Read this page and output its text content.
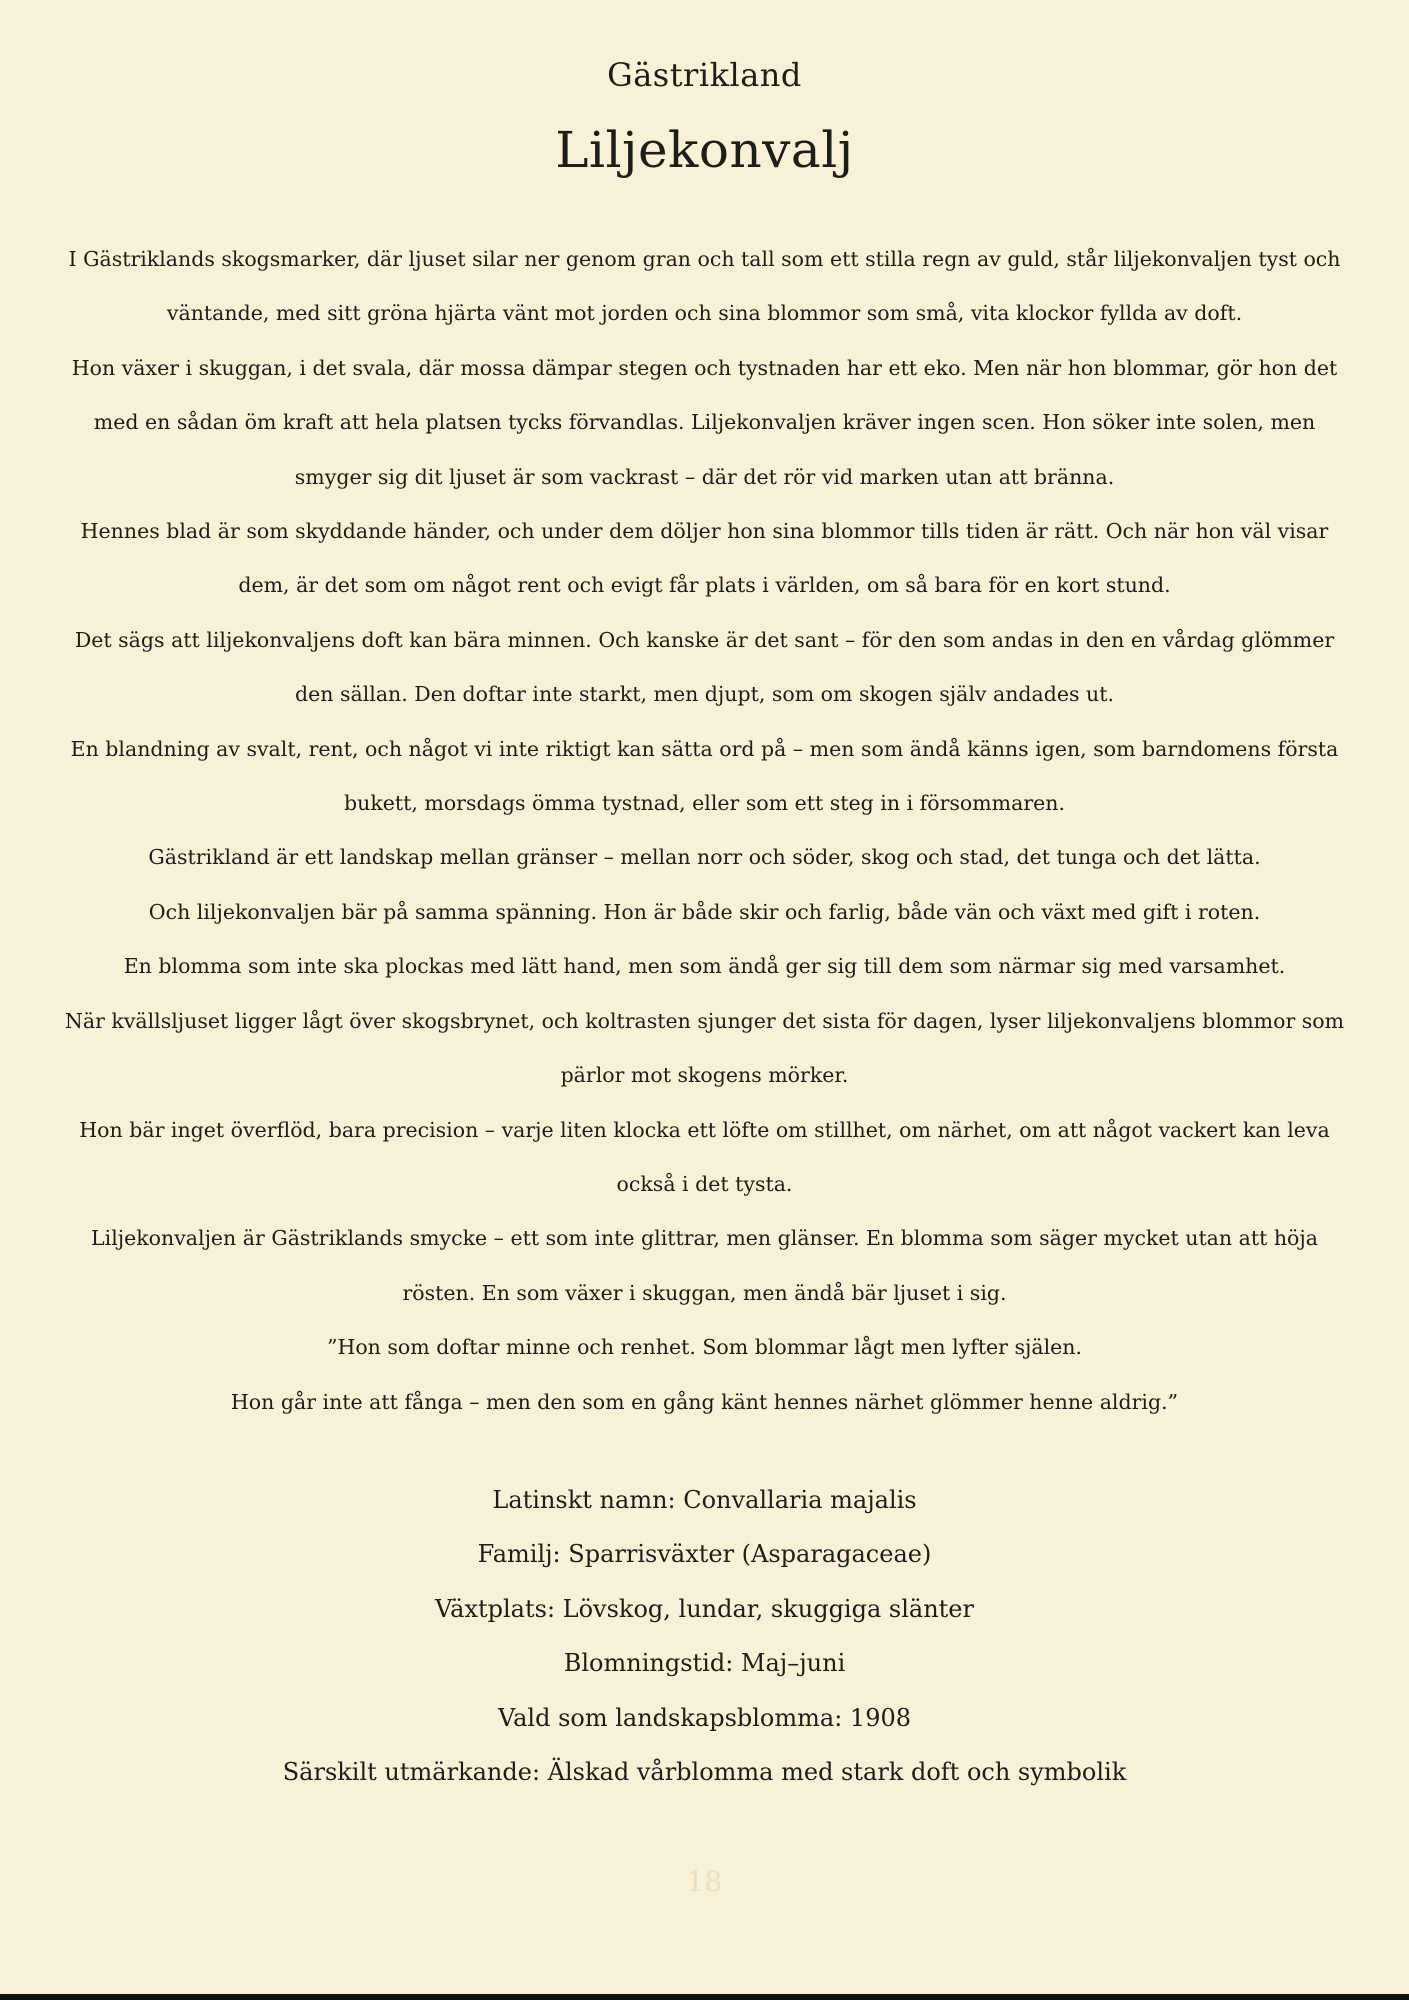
Gästrikland
Liljekonvalj

I Gästriklands skogsmarker, där ljuset silar ner genom gran och tall som ett stilla regn av guld, står liljekonvaljen tyst och väntande, med sitt gröna hjärta vänt mot jorden och sina blommor som små, vita klockor fyllda av doft.

Hon växer i skuggan, i det svala, där mossa dämpar stegen och tystnaden har ett eko. Men när hon blommar, gör hon det med en sådan öm kraft att hela platsen tycks förvandlas. Liljekonvaljen kräver ingen scen. Hon söker inte solen, men smyger sig dit ljuset är som vackrast – där det rör vid marken utan att bränna.

Hennes blad är som skyddande händer, och under dem döljer hon sina blommor tills tiden är rätt. Och när hon väl visar dem, är det som om något rent och evigt får plats i världen, om så bara för en kort stund.

Det sägs att liljekonvaljens doft kan bära minnen. Och kanske är det sant – för den som andas in den en vårdag glömmer den sällan. Den doftar inte starkt, men djupt, som om skogen själv andades ut.

En blandning av svalt, rent, och något vi inte riktigt kan sätta ord på – men som ändå känns igen, som barndomens första bukett, morsdags ömma tystnad, eller som ett steg in i försommaren.

Gästrikland är ett landskap mellan gränser – mellan norr och söder, skog och stad, det tunga och det lätta.

Och liljekonvaljen bär på samma spänning. Hon är både skir och farlig, både vän och växt med gift i roten.

En blomma som inte ska plockas med lätt hand, men som ändå ger sig till dem som närmar sig med varsamhet.

När kvällsljuset ligger lågt över skogsbrynet, och koltrasten sjunger det sista för dagen, lyser liljekonvaljens blommor som pärlor mot skogens mörker.

Hon bär inget överflöd, bara precision – varje liten klocka ett löfte om stillhet, om närhet, om att något vackert kan leva också i det tysta.

Liljekonvaljen är Gästriklands smycke – ett som inte glittrar, men glänser. En blomma som säger mycket utan att höja rösten. En som växer i skuggan, men ändå bär ljuset i sig.

”Hon som doftar minne och renhet. Som blommar lågt men lyfter själen.

Hon går inte att fånga – men den som en gång känt hennes närhet glömmer henne aldrig.”

Latinskt namn: Convallaria majalis

Familj: Sparrisväxter (Asparagaceae)

Växtplats: Lövskog, lundar, skuggiga slänter

Blomningstid: Maj–juni

Vald som landskapsblomma: 1908

Särskilt utmärkande: Älskad vårblomma med stark doft och symbolik

18
